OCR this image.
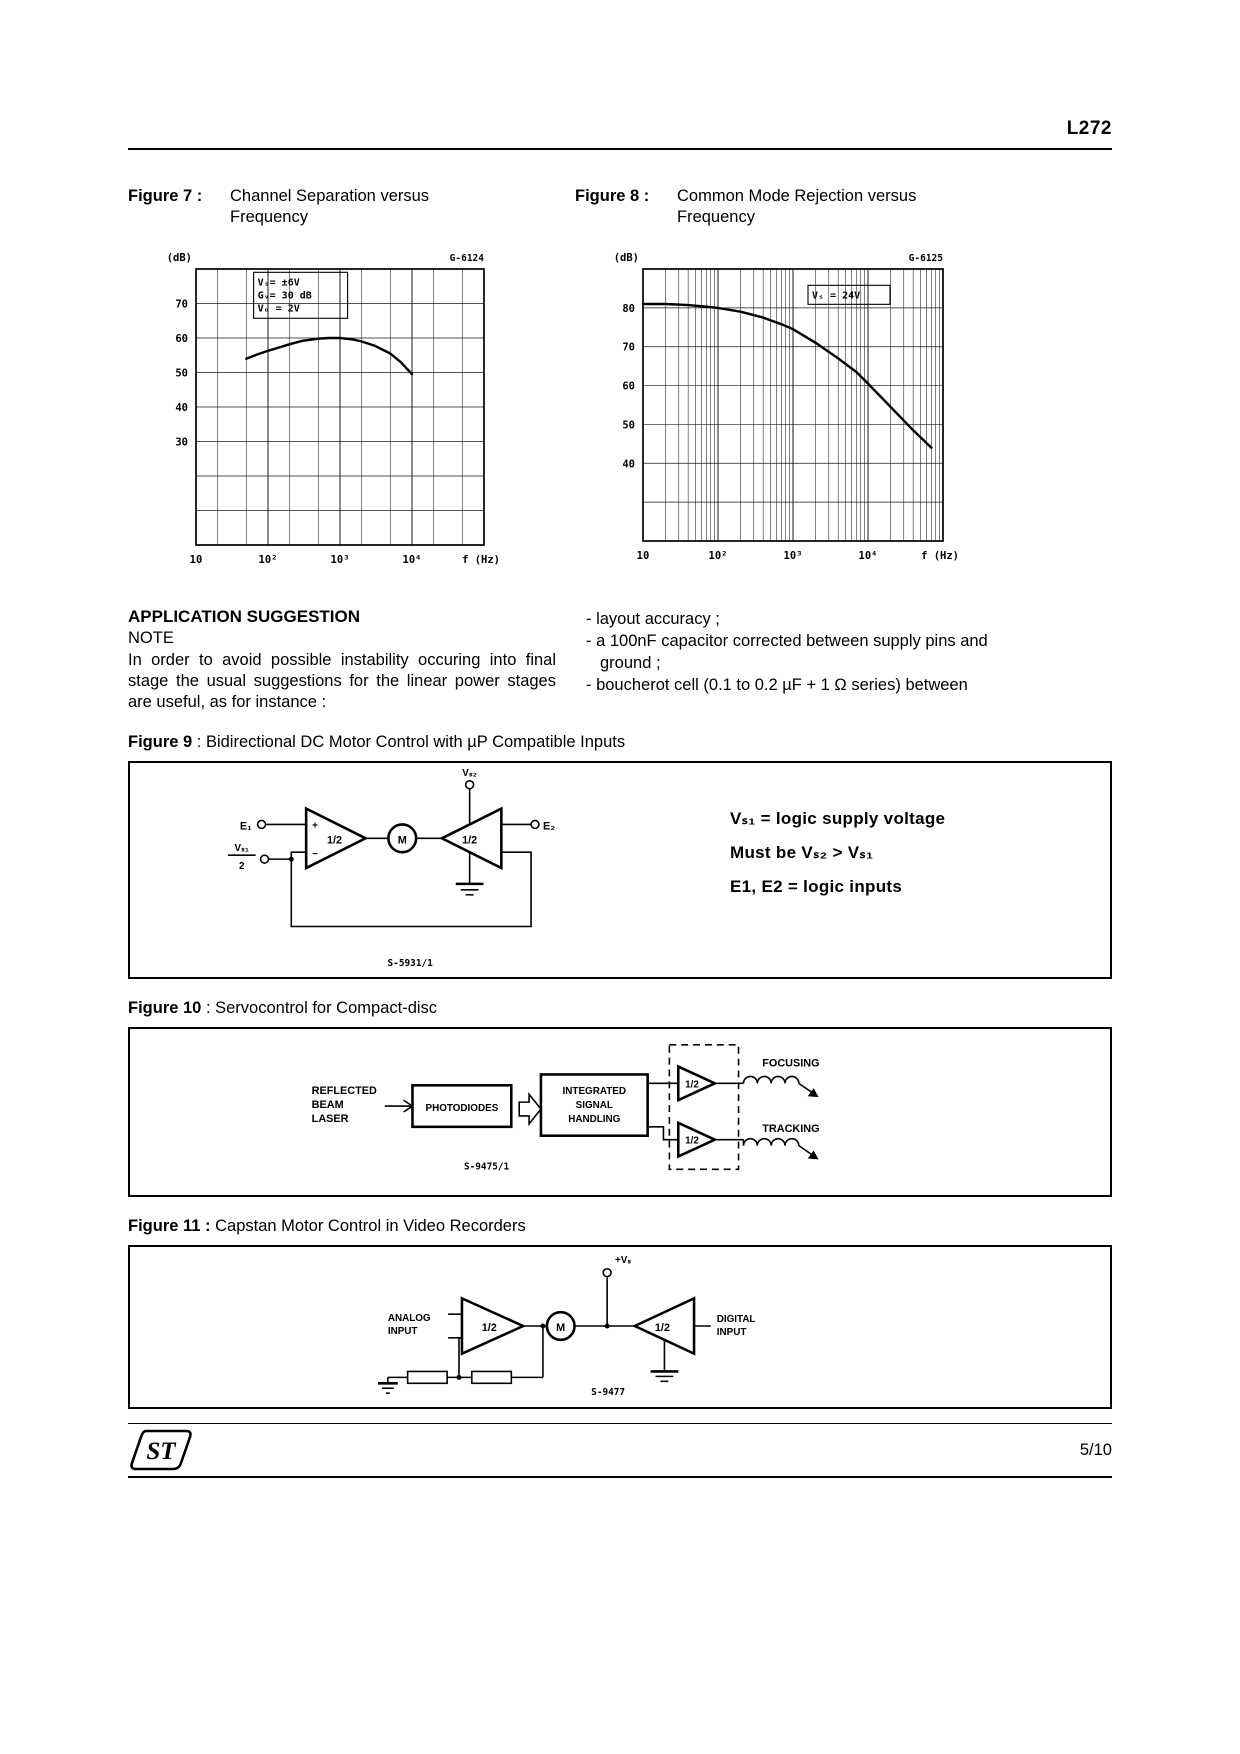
L272
Figure 7 :	Channel Separation versus
Frequency
30
40
50
60
70
10	10²	10³	10⁴	f (Hz)
(dB)	G-6124
Vₛ= ±6V
Gᵥ= 30 dB
Vₒ = 2V
Figure 8 :	Common Mode Rejection versus
Frequency
40
50
60
70
80
10	10²	10³	10⁴	f (Hz)
(dB)	G-6125
Vₛ = 24V
APPLICATION SUGGESTION
NOTE

In order to avoid possible instability occuring into final stage the usual suggestions for the linear power stages are useful, as for instance :

- layout accuracy ;
- a 100nF capacitor corrected between supply pins and ground ;
- boucherot cell (0.1 to 0.2 µF + 1 Ω series) between
Figure 9 : Bidirectional DC Motor Control with µP Compatible Inputs
E₁
Vₛ₁
2
1/2
+
−
M	1/2
Vₛ₂
E₂
S-5931/1
Vₛ₁ = logic supply voltage
Must be Vₛ₂ > Vₛ₁
E1, E2 = logic inputs
Figure 10 : Servocontrol for Compact-disc
REFLECTED
BEAM
LASER
PHOTODIODES
INTEGRATED
SIGNAL
HANDLING
1/2
1/2
FOCUSING
TRACKING
S-9475/1
Figure 11 : Capstan Motor Control in Video Recorders
+Vₛ
ANALOG
INPUT	1/2	M	1/2
DIGITAL
INPUT
S-9477
ST	5/10
